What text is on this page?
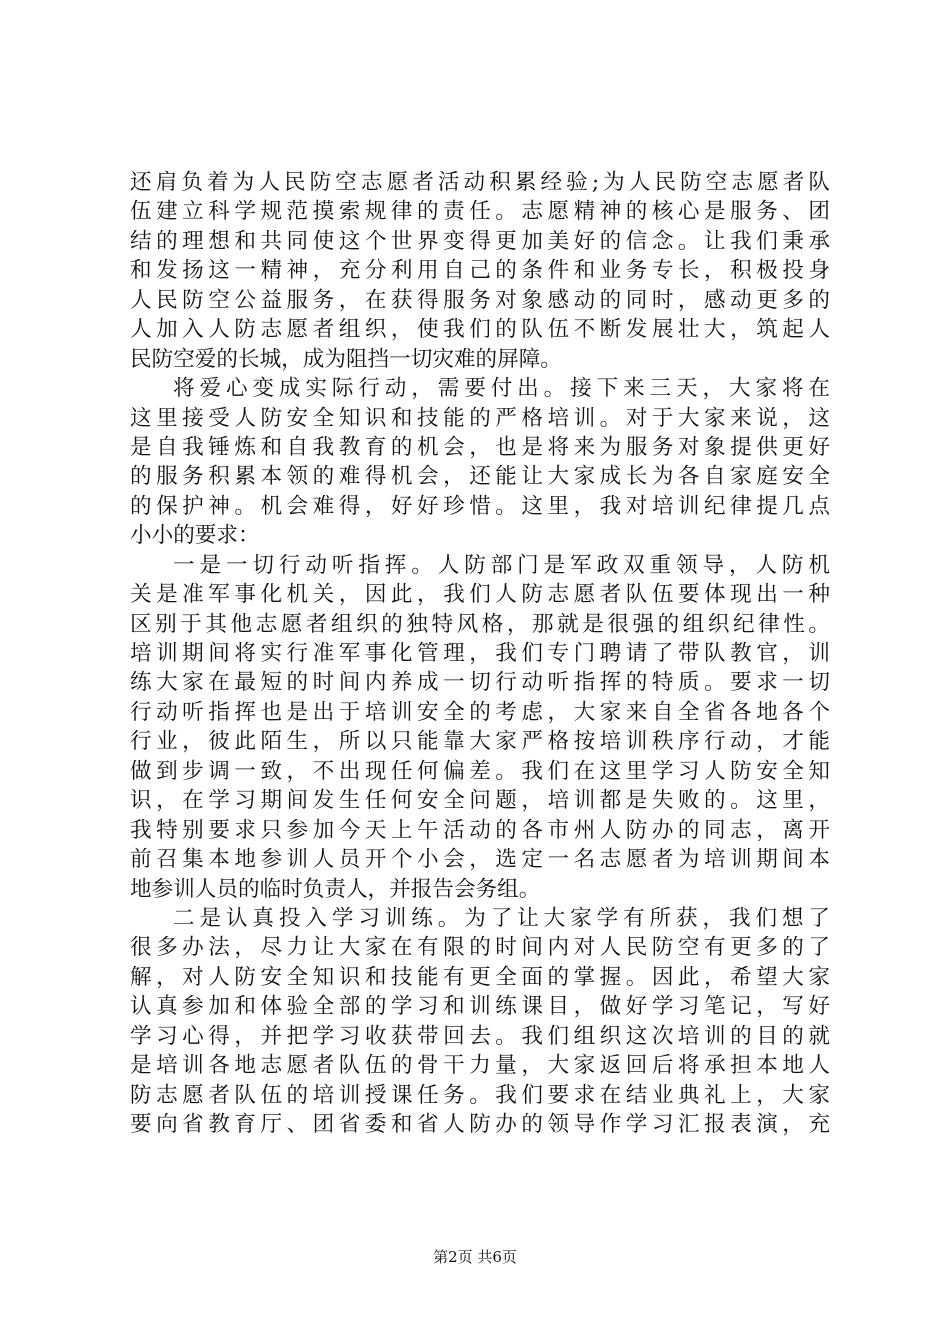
还肩负着为人民防空志愿者活动积累经验;为人民防空志愿者队
伍建立科学规范摸索规律的责任。志愿精神的核心是服务、团
结的理想和共同使这个世界变得更加美好的信念。让我们秉承
和发扬这一精神，充分利用自己的条件和业务专长，积极投身
人民防空公益服务，在获得服务对象感动的同时，感动更多的
人加入人防志愿者组织，使我们的队伍不断发展壮大，筑起人
民防空爱的长城，成为阻挡一切灾难的屏障。
将爱心变成实际行动，需要付出。接下来三天，大家将在
这里接受人防安全知识和技能的严格培训。对于大家来说，这
是自我锤炼和自我教育的机会，也是将来为服务对象提供更好
的服务积累本领的难得机会，还能让大家成长为各自家庭安全
的保护神。机会难得，好好珍惜。这里，我对培训纪律提几点
小小的要求：
一是一切行动听指挥。人防部门是军政双重领导，人防机
关是准军事化机关，因此，我们人防志愿者队伍要体现出一种
区别于其他志愿者组织的独特风格，那就是很强的组织纪律性。
培训期间将实行准军事化管理，我们专门聘请了带队教官，训
练大家在最短的时间内养成一切行动听指挥的特质。要求一切
行动听指挥也是出于培训安全的考虑，大家来自全省各地各个
行业，彼此陌生，所以只能靠大家严格按培训秩序行动，才能
做到步调一致，不出现任何偏差。我们在这里学习人防安全知
识，在学习期间发生任何安全问题，培训都是失败的。这里，
我特别要求只参加今天上午活动的各市州人防办的同志，离开
前召集本地参训人员开个小会，选定一名志愿者为培训期间本
地参训人员的临时负责人，并报告会务组。
二是认真投入学习训练。为了让大家学有所获，我们想了
很多办法，尽力让大家在有限的时间内对人民防空有更多的了
解，对人防安全知识和技能有更全面的掌握。因此，希望大家
认真参加和体验全部的学习和训练课目，做好学习笔记，写好
学习心得，并把学习收获带回去。我们组织这次培训的目的就
是培训各地志愿者队伍的骨干力量，大家返回后将承担本地人
防志愿者队伍的培训授课任务。我们要求在结业典礼上，大家
要向省教育厅、团省委和省人防办的领导作学习汇报表演，充
第2页 共6页
